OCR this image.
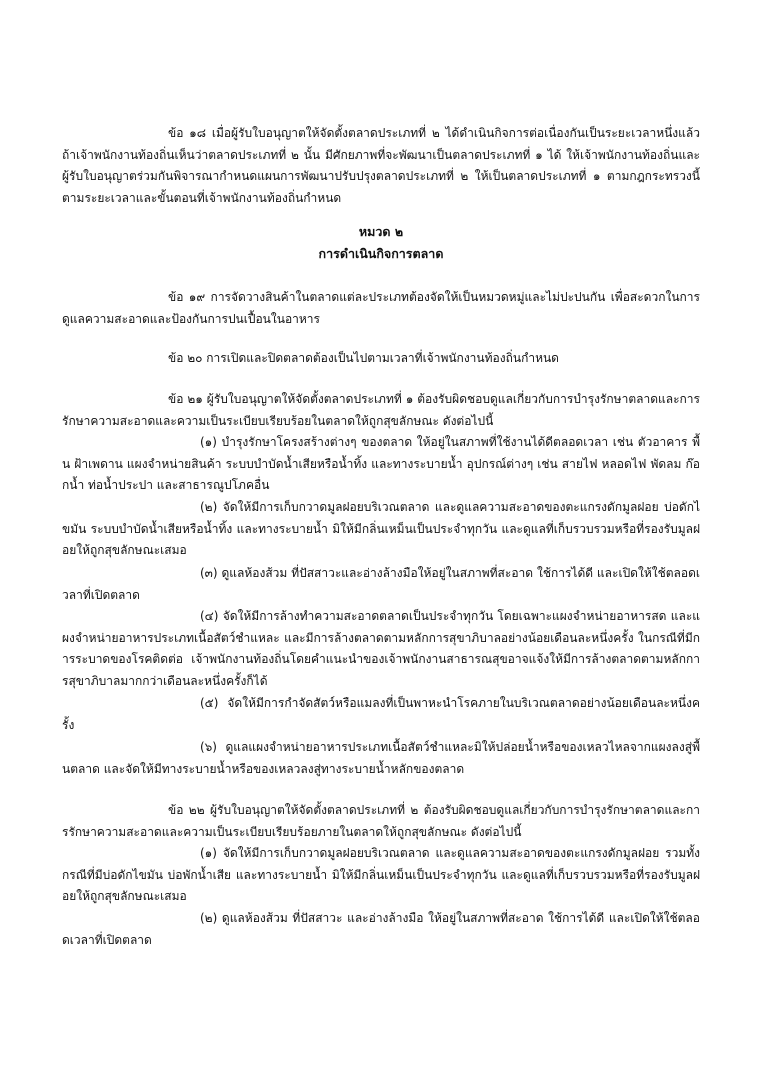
ข้อ ๑๘ เมื่อผู้รับใบอนุญาตให้จัดตั้งตลาดประเภทที่ ๒ ได้ดำเนินกิจการต่อเนื่องกันเป็นระยะเวลาหนึ่งแล้ว ถ้าเจ้าพนักงานท้องถิ่นเห็นว่าตลาดประเภทที่ ๒ นั้น มีศักยภาพที่จะพัฒนาเป็นตลาดประเภทที่ ๑ ได้ ให้เจ้าพนักงานท้องถิ่นและผู้รับใบอนุญาตร่วมกันพิจารณากำหนดแผนการพัฒนาปรับปรุงตลาดประเภทที่ ๒ ให้เป็นตลาดประเภทที่ ๑ ตามกฎกระทรวงนี้ ตามระยะเวลาและขั้นตอนที่เจ้าพนักงานท้องถิ่นกำหนด

หมวด ๒

การดำเนินกิจการตลาด

ข้อ ๑๙ การจัดวางสินค้าในตลาดแต่ละประเภทต้องจัดให้เป็นหมวดหมู่และไม่ปะปนกัน เพื่อสะดวกในการดูแลความสะอาดและป้องกันการปนเปื้อนในอาหาร

ข้อ ๒๐ การเปิดและปิดตลาดต้องเป็นไปตามเวลาที่เจ้าพนักงานท้องถิ่นกำหนด

ข้อ ๒๑ ผู้รับใบอนุญาตให้จัดตั้งตลาดประเภทที่ ๑ ต้องรับผิดชอบดูแลเกี่ยวกับการบำรุงรักษาตลาดและการรักษาความสะอาดและความเป็นระเบียบเรียบร้อยในตลาดให้ถูกสุขลักษณะ ดังต่อไปนี้

(๑) บำรุงรักษาโครงสร้างต่างๆ ของตลาด ให้อยู่ในสภาพที่ใช้งานได้ดีตลอดเวลา เช่น ตัวอาคาร พื้น ฝ้าเพดาน แผงจำหน่ายสินค้า ระบบบำบัดน้ำเสียหรือน้ำทิ้ง และทางระบายน้ำ อุปกรณ์ต่างๆ เช่น สายไฟ หลอดไฟ พัดลม ก๊อกน้ำ ท่อน้ำประปา และสาธารณูปโภคอื่น

(๒) จัดให้มีการเก็บกวาดมูลฝอยบริเวณตลาด และดูแลความสะอาดของตะแกรงดักมูลฝอย บ่อดักไขมัน ระบบบำบัดน้ำเสียหรือน้ำทิ้ง และทางระบายน้ำ มิให้มีกลิ่นเหม็นเป็นประจำทุกวัน และดูแลที่เก็บรวบรวมหรือที่รองรับมูลฝอยให้ถูกสุขลักษณะเสมอ

(๓) ดูแลห้องส้วม ที่ปัสสาวะและอ่างล้างมือให้อยู่ในสภาพที่สะอาด ใช้การได้ดี และเปิดให้ใช้ตลอดเวลาที่เปิดตลาด

(๔) จัดให้มีการล้างทำความสะอาดตลาดเป็นประจำทุกวัน โดยเฉพาะแผงจำหน่ายอาหารสด และแผงจำหน่ายอาหารประเภทเนื้อสัตว์ชำแหละ และมีการล้างตลาดตามหลักการสุขาภิบาลอย่างน้อยเดือนละหนึ่งครั้ง ในกรณีที่มีการระบาดของโรคติดต่อ เจ้าพนักงานท้องถิ่นโดยคำแนะนำของเจ้าพนักงานสาธารณสุขอาจแจ้งให้มีการล้างตลาดตามหลักการสุขาภิบาลมากกว่าเดือนละหนึ่งครั้งก็ได้

(๕) จัดให้มีการกำจัดสัตว์หรือแมลงที่เป็นพาหะนำโรคภายในบริเวณตลาดอย่างน้อยเดือนละหนึ่งครั้ง

(๖) ดูแลแผงจำหน่ายอาหารประเภทเนื้อสัตว์ชำแหละมิให้ปล่อยน้ำหรือของเหลวไหลจากแผงลงสู่พื้นตลาด และจัดให้มีทางระบายน้ำหรือของเหลวลงสู่ทางระบายน้ำหลักของตลาด

ข้อ ๒๒ ผู้รับใบอนุญาตให้จัดตั้งตลาดประเภทที่ ๒ ต้องรับผิดชอบดูแลเกี่ยวกับการบำรุงรักษาตลาดและการรักษาความสะอาดและความเป็นระเบียบเรียบร้อยภายในตลาดให้ถูกสุขลักษณะ ดังต่อไปนี้

(๑) จัดให้มีการเก็บกวาดมูลฝอยบริเวณตลาด และดูแลความสะอาดของตะแกรงดักมูลฝอย รวมทั้งกรณีที่มีบ่อดักไขมัน บ่อพักน้ำเสีย และทางระบายน้ำ มิให้มีกลิ่นเหม็นเป็นประจำทุกวัน และดูแลที่เก็บรวบรวมหรือที่รองรับมูลฝอยให้ถูกสุขลักษณะเสมอ

(๒) ดูแลห้องส้วม ที่ปัสสาวะ และอ่างล้างมือ ให้อยู่ในสภาพที่สะอาด ใช้การได้ดี และเปิดให้ใช้ตลอดเวลาที่เปิดตลาด
